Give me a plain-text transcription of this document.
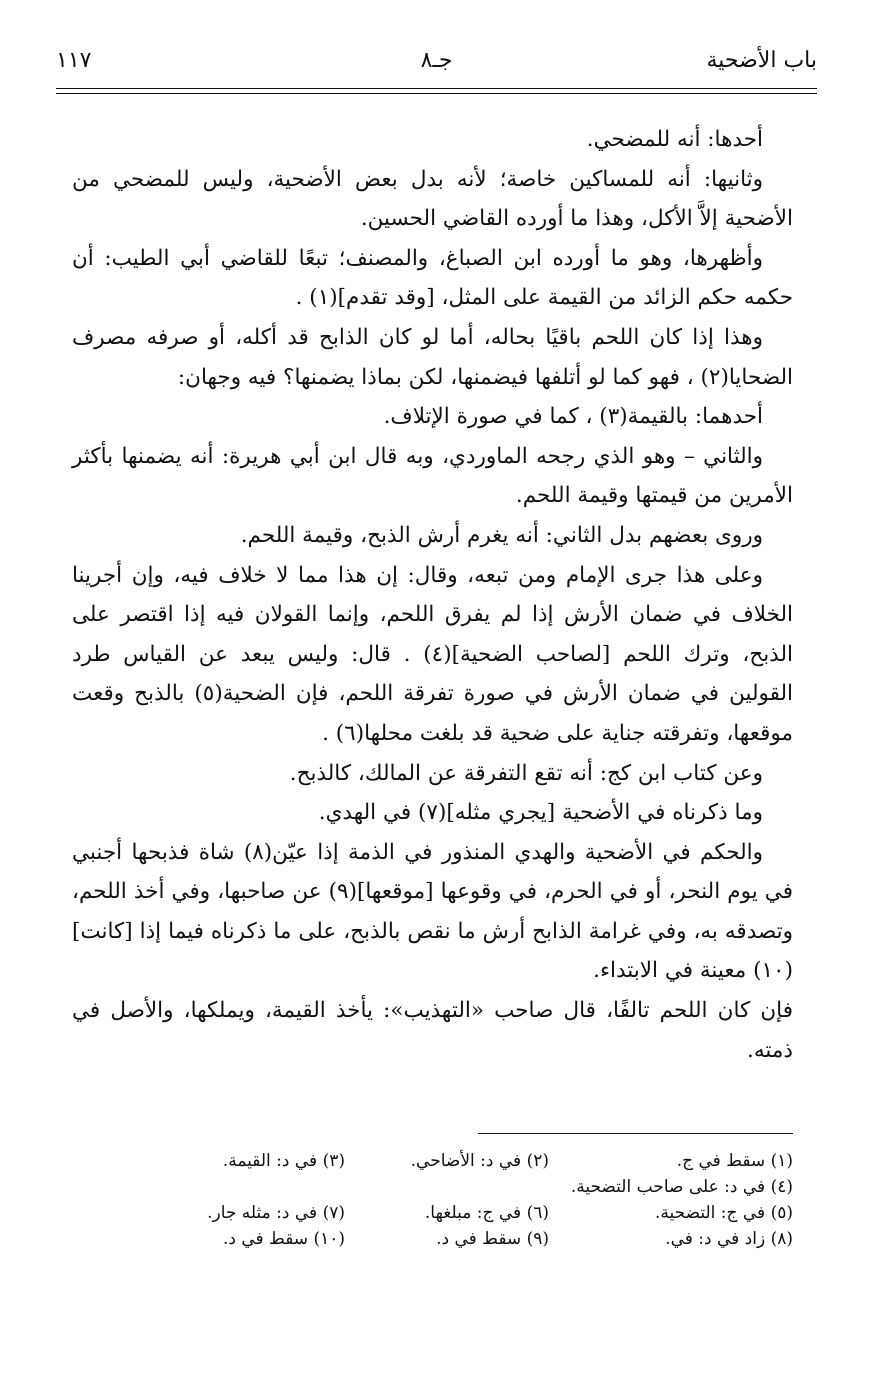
باب الأضحية
جـ٨
١١٧

أحدها: أنه للمضحي.

وثانيها: أنه للمساكين خاصة؛ لأنه بدل بعض الأضحية، وليس للمضحي من الأضحية إلاَّ الأكل، وهذا ما أورده القاضي الحسين.

وأظهرها، وهو ما أورده ابن الصباغ، والمصنف؛ تبعًا للقاضي أبي الطيب: أن حكمه حكم الزائد من القيمة على المثل، [وقد تقدم](١) .

وهذا إذا كان اللحم باقيًا بحاله، أما لو كان الذابح قد أكله، أو صرفه مصرف الضحايا(٢) ، فهو كما لو أتلفها فيضمنها، لكن بماذا يضمنها؟ فيه وجهان:

أحدهما: بالقيمة(٣) ، كما في صورة الإتلاف.

والثاني – وهو الذي رجحه الماوردي، وبه قال ابن أبي هريرة: أنه يضمنها بأكثر الأمرين من قيمتها وقيمة اللحم.

وروى بعضهم بدل الثاني: أنه يغرم أرش الذبح، وقيمة اللحم.

وعلى هذا جرى الإمام ومن تبعه، وقال: إن هذا مما لا خلاف فيه، وإن أجرينا الخلاف في ضمان الأرش إذا لم يفرق اللحم، وإنما القولان فيه إذا اقتصر على الذبح، وترك اللحم [لصاحب الضحية](٤) . قال: وليس يبعد عن القياس طرد القولين في ضمان الأرش في صورة تفرقة اللحم، فإن الضحية(٥) بالذبح وقعت موقعها، وتفرقته جناية على ضحية قد بلغت محلها(٦) .

وعن كتاب ابن كج: أنه تقع التفرقة عن المالك، كالذبح.

وما ذكرناه في الأضحية [يجري مثله](٧) في الهدي.

والحكم في الأضحية والهدي المنذور في الذمة إذا عيّن(٨) شاة فذبحها أجنبي في يوم النحر، أو في الحرم، في وقوعها [موقعها](٩) عن صاحبها، وفي أخذ اللحم، وتصدقه به، وفي غرامة الذابح أرش ما نقص بالذبح، على ما ذكرناه فيما إذا [كانت](١٠) معينة في الابتداء.

فإن كان اللحم تالفًا، قال صاحب «التهذيب»: يأخذ القيمة، ويملكها، والأصل في ذمته.

(١) سقط في ج.
(٢) في د: الأضاحي.
(٣) في د: القيمة.
(٤) في د: على صاحب التضحية.
(٥) في ج: التضحية.
(٦) في ج: مبلغها.
(٧) في د: مثله جار.
(٨) زاد في د: في.
(٩) سقط في د.
(١٠) سقط في د.
